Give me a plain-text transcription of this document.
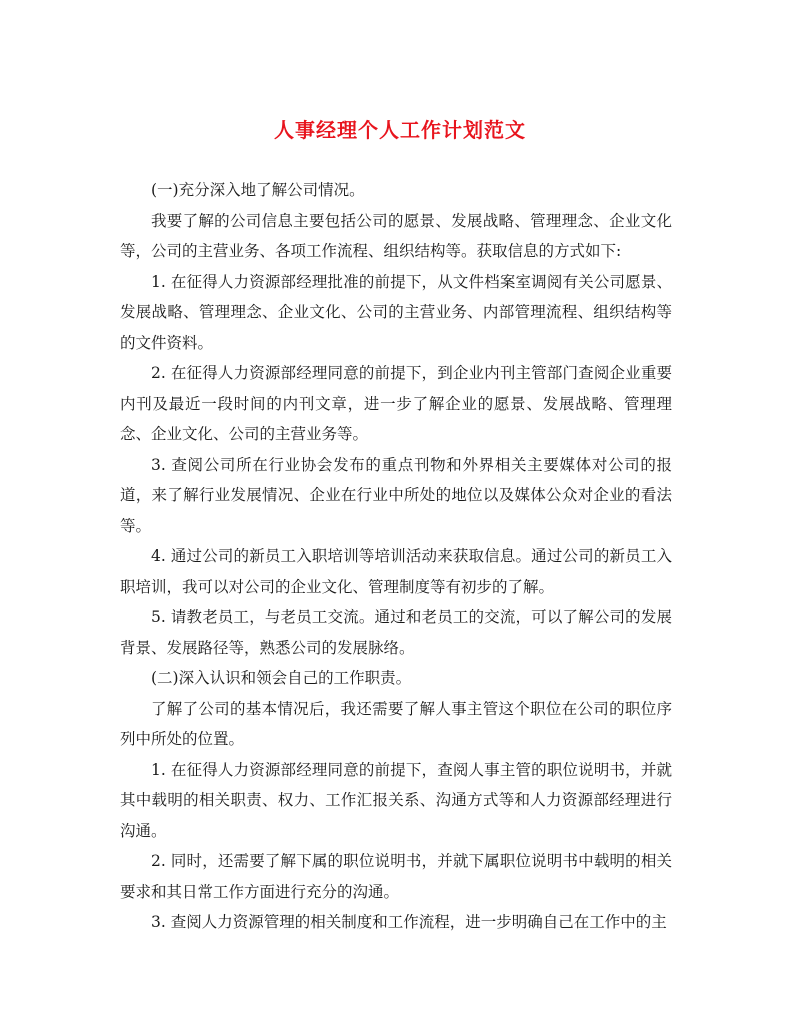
人事经理个人工作计划范文

(一)充分深入地了解公司情况。

我要了解的公司信息主要包括公司的愿景、发展战略、管理理念、企业文化等，公司的主营业务、各项工作流程、组织结构等。获取信息的方式如下:

1. 在征得人力资源部经理批准的前提下，从文件档案室调阅有关公司愿景、发展战略、管理理念、企业文化、公司的主营业务、内部管理流程、组织结构等的文件资料。

2. 在征得人力资源部经理同意的前提下，到企业内刊主管部门查阅企业重要内刊及最近一段时间的内刊文章，进一步了解企业的愿景、发展战略、管理理念、企业文化、公司的主营业务等。

3. 查阅公司所在行业协会发布的重点刊物和外界相关主要媒体对公司的报道，来了解行业发展情况、企业在行业中所处的地位以及媒体公众对企业的看法等。

4. 通过公司的新员工入职培训等培训活动来获取信息。通过公司的新员工入职培训，我可以对公司的企业文化、管理制度等有初步的了解。

5. 请教老员工，与老员工交流。通过和老员工的交流，可以了解公司的发展背景、发展路径等，熟悉公司的发展脉络。

(二)深入认识和领会自己的工作职责。

了解了公司的基本情况后，我还需要了解人事主管这个职位在公司的职位序列中所处的位置。

1. 在征得人力资源部经理同意的前提下，查阅人事主管的职位说明书，并就其中载明的相关职责、权力、工作汇报关系、沟通方式等和人力资源部经理进行沟通。

2. 同时，还需要了解下属的职位说明书，并就下属职位说明书中载明的相关要求和其日常工作方面进行充分的沟通。

3. 查阅人力资源管理的相关制度和工作流程，进一步明确自己在工作中的主
